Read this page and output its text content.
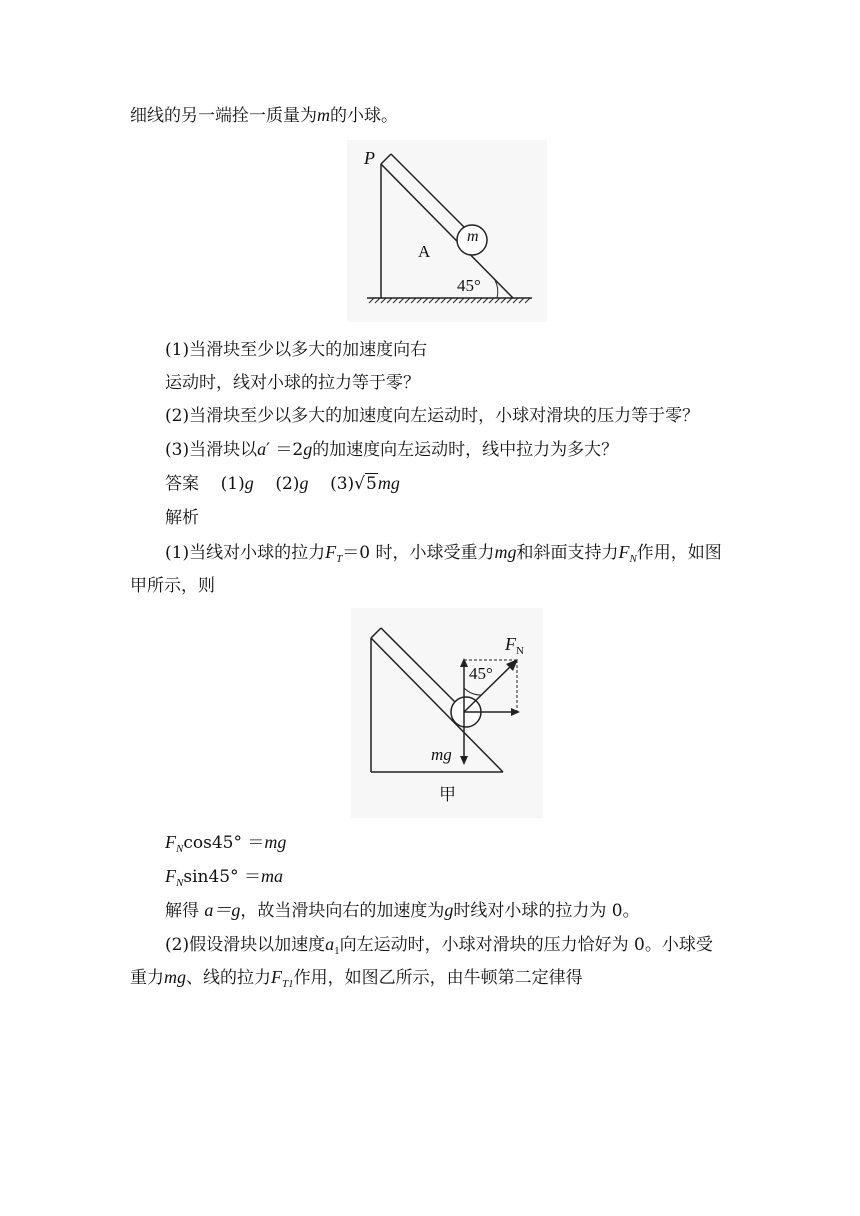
细线的另一端拴一质量为m的小球。
P
A
m
45°
(1)当滑块至少以多大的加速度向右
运动时，线对小球的拉力等于零？
(2)当滑块至少以多大的加速度向左运动时，小球对滑块的压力等于零？
(3)当滑块以a′ ＝2g的加速度向左运动时，线中拉力为多大？
答案 (1)g (2)g (3)√5mg
解析
(1)当线对小球的拉力$F_T=0$ 时，小球受重力mg和斜面支持力$F_N$作用，如图
甲所示，则
$F_N$
45°
mg
甲
$F_N\cos 45^\circ =mg$
$F_N\sin 45^\circ =ma$
解得 a＝g，故当滑块向右的加速度为g时线对小球的拉力为 0。
(2)假设滑块以加速度$a_1$向左运动时，小球对滑块的压力恰好为 0。小球受
重力mg、线的拉力$F_{T1}$作用，如图乙所示，由牛顿第二定律得
